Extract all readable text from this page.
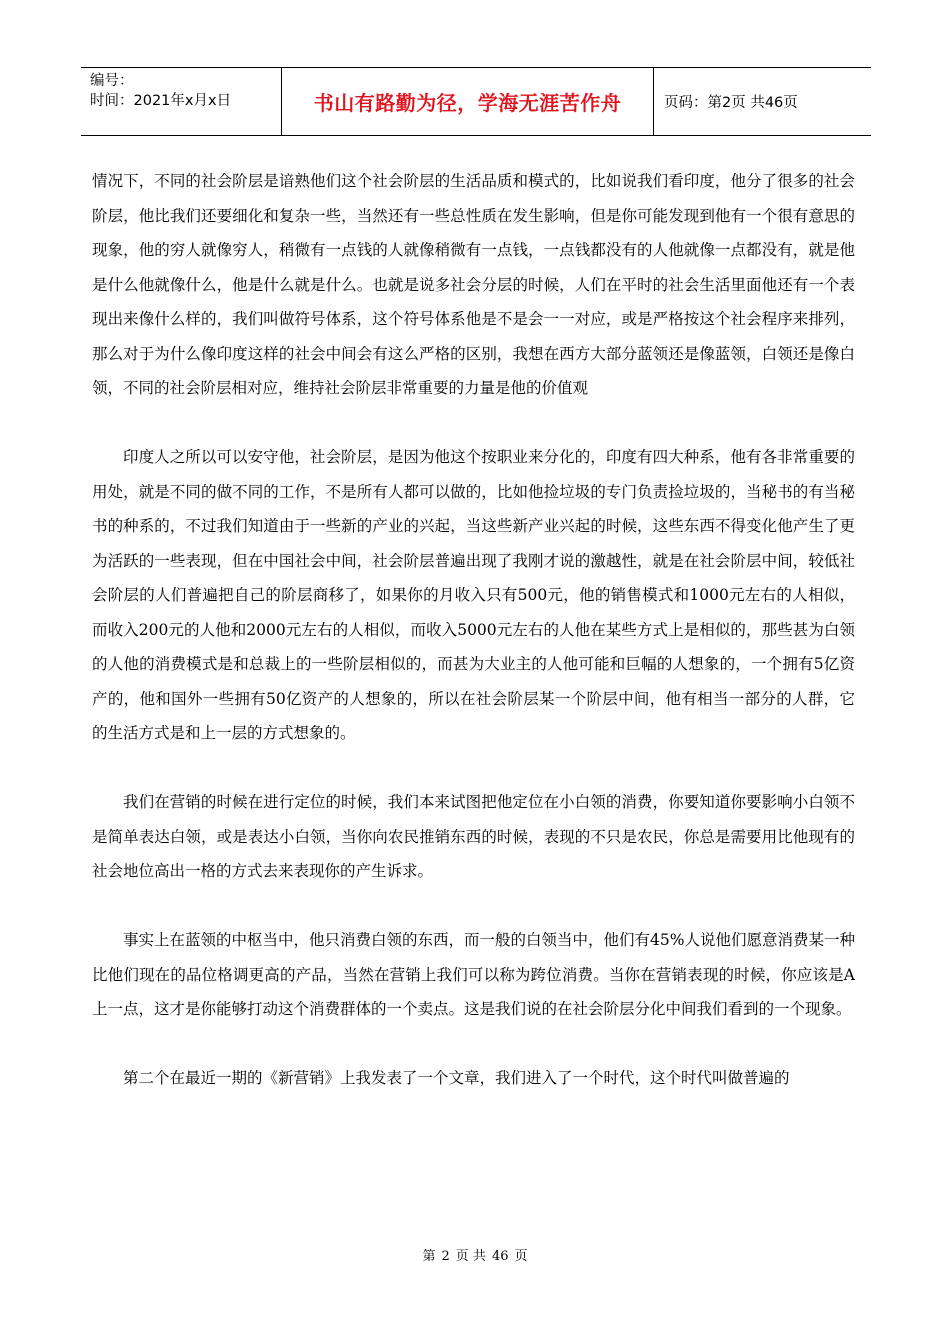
编号：
时间：2021年x月x日	书山有路勤为径，学海无涯苦作舟	页码：第2页 共46页

情况下，不同的社会阶层是谙熟他们这个社会阶层的生活品质和模式的，比如说我们看印度，他分了很多的社会阶层，他比我们还要细化和复杂一些，当然还有一些总性质在发生影响，但是你可能发现到他有一个很有意思的现象，他的穷人就像穷人，稍微有一点钱的人就像稍微有一点钱，一点钱都没有的人他就像一点都没有，就是他是什么他就像什么，他是什么就是什么。也就是说多社会分层的时候，人们在平时的社会生活里面他还有一个表现出来像什么样的，我们叫做符号体系，这个符号体系他是不是会一一对应，或是严格按这个社会程序来排列，那么对于为什么像印度这样的社会中间会有这么严格的区别，我想在西方大部分蓝领还是像蓝领，白领还是像白领，不同的社会阶层相对应，维持社会阶层非常重要的力量是他的价值观

印度人之所以可以安守他，社会阶层，是因为他这个按职业来分化的，印度有四大种系，他有各非常重要的用处，就是不同的做不同的工作，不是所有人都可以做的，比如他捡垃圾的专门负责捡垃圾的，当秘书的有当秘书的种系的，不过我们知道由于一些新的产业的兴起，当这些新产业兴起的时候，这些东西不得变化他产生了更为活跃的一些表现，但在中国社会中间，社会阶层普遍出现了我刚才说的激越性，就是在社会阶层中间，较低社会阶层的人们普遍把自己的阶层商移了，如果你的月收入只有500元，他的销售模式和1000元左右的人相似，而收入200元的人他和2000元左右的人相似，而收入5000元左右的人他在某些方式上是相似的，那些甚为白领的人他的消费模式是和总裁上的一些阶层相似的，而甚为大业主的人他可能和巨幅的人想象的，一个拥有5亿资产的，他和国外一些拥有50亿资产的人想象的，所以在社会阶层某一个阶层中间，他有相当一部分的人群，它的生活方式是和上一层的方式想象的。

我们在营销的时候在进行定位的时候，我们本来试图把他定位在小白领的消费，你要知道你要影响小白领不是简单表达白领，或是表达小白领，当你向农民推销东西的时候，表现的不只是农民，你总是需要用比他现有的社会地位高出一格的方式去来表现你的产生诉求。

事实上在蓝领的中枢当中，他只消费白领的东西，而一般的白领当中，他们有45%人说他们愿意消费某一种比他们现在的品位格调更高的产品，当然在营销上我们可以称为跨位消费。当你在营销表现的时候，你应该是A上一点，这才是你能够打动这个消费群体的一个卖点。这是我们说的在社会阶层分化中间我们看到的一个现象。

第二个在最近一期的《新营销》上我发表了一个文章，我们进入了一个时代，这个时代叫做普遍的

第 2 页 共 46 页
